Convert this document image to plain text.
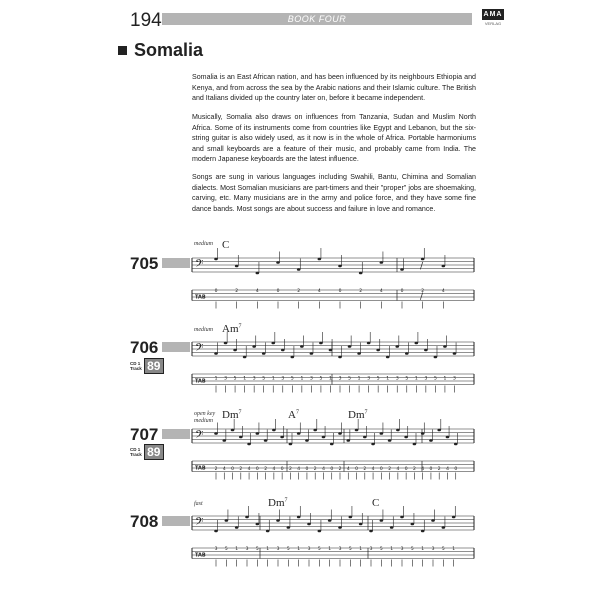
194	BOOK FOUR	AMA
VERLAG
Somalia

Somalia is an East African nation, and has been influenced by its neighbours Ethiopia and Kenya, and from across the sea by the Arabic nations and their Islamic culture. The British and Italians divided up the country later on, before it became independent.

Musically, Somalia also draws on influences from Tanzania, Sudan and Muslim North Africa. Some of its instruments come from countries like Egypt and Lebanon, but the six-string guitar is also widely used, as it now is in the whole of Africa. Portable harmoniums and small keyboards are a feature of their music, and probably came from India. The modern Japanese keyboards are the latest influence.

Songs are sung in various languages including Swahili, Bantu, Chimina and Somalian dialects. Most Somalian musicians are part-timers and their "proper" jobs are shoemaking, carving, etc. Many musicians are in the army and police force, and they have some fine dance bands. Most songs are about success and failure in love and romance.

medium C
705	𝄢
TAB
0	2	4	0	2	4	0	2	4	0	2	4
∕
∕
medium Am$^7$
706
CD 1
Track 89
𝄢
TAB 1 3 5 1 3 5 1 3 5 1 3 5 1 3 5 1 3 5 1 3 5 1 3 5 1 3
open key
medium Dm$^7$	$A^7$	Dm$^7$
707
CD 1
Track 89
𝄢
TAB 2 4 0 2 4 0 2 4 0 2 4 0 2 4 0 2 4 0 2 4 0 2 4 0 2 4 0 2 4 0
fast	Dm$^7$	C
708	𝄢
TAB
3 5 1 3 5 1 3 5 1 3 5 1 3 5 1 3 5 1 3 5 1 3 5 1
